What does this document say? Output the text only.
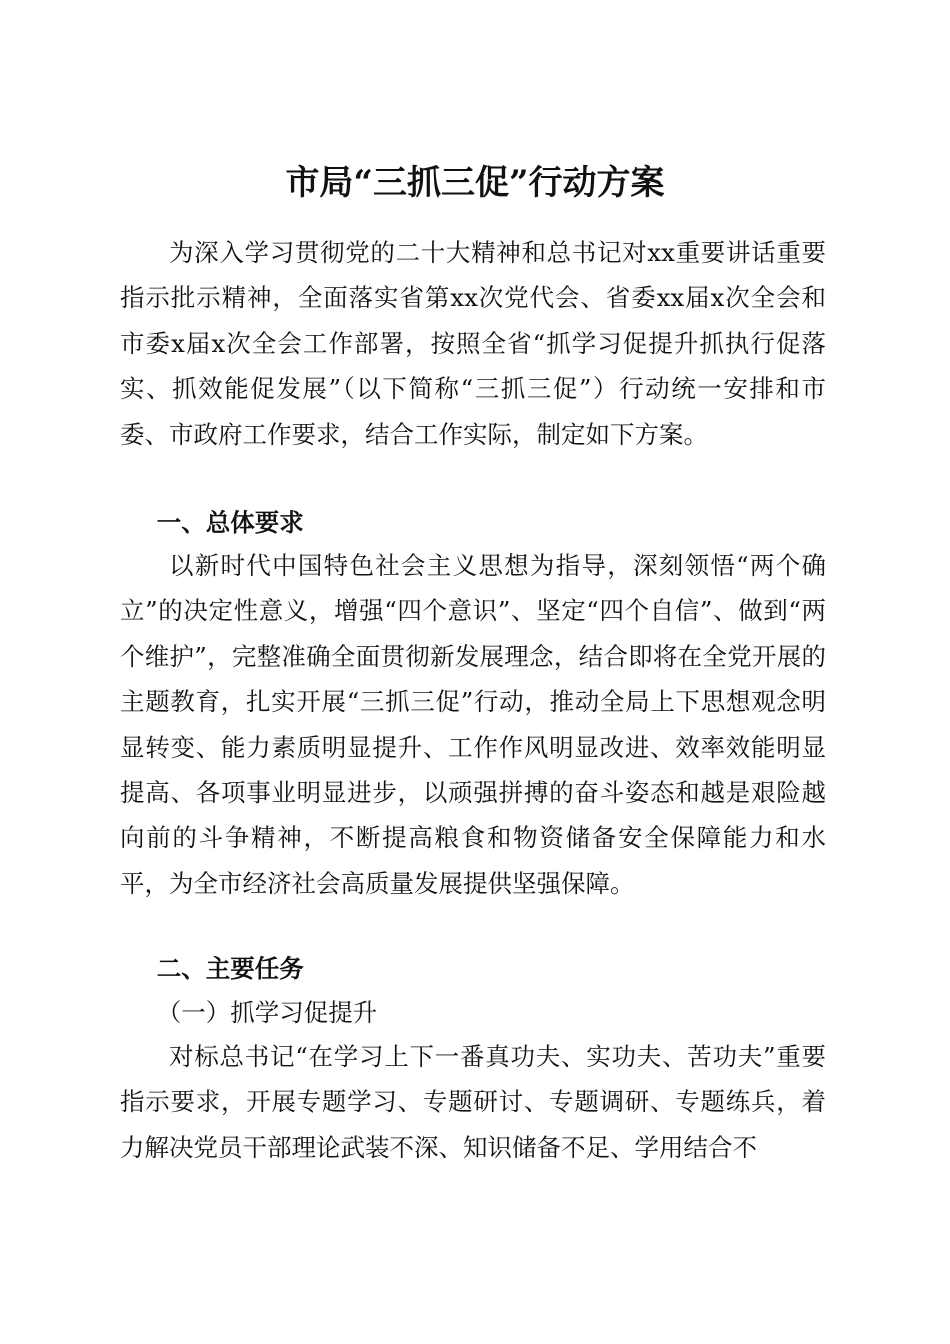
市局“三抓三促”行动方案

为深入学习贯彻党的二十大精神和总书记对xx重要讲话重要指示批示精神，全面落实省第xx次党代会、省委xx届x次全会和市委x届x次全会工作部署，按照全省“抓学习促提升抓执行促落实、抓效能促发展”（以下简称“三抓三促”）行动统一安排和市委、市政府工作要求，结合工作实际，制定如下方案。

一、总体要求

以新时代中国特色社会主义思想为指导，深刻领悟“两个确立”的决定性意义，增强“四个意识”、坚定“四个自信”、做到“两个维护”，完整准确全面贯彻新发展理念，结合即将在全党开展的主题教育，扎实开展“三抓三促”行动，推动全局上下思想观念明显转变、能力素质明显提升、工作作风明显改进、效率效能明显提高、各项事业明显进步，以顽强拼搏的奋斗姿态和越是艰险越向前的斗争精神，不断提高粮食和物资储备安全保障能力和水平，为全市经济社会高质量发展提供坚强保障。

二、主要任务

（一）抓学习促提升

对标总书记“在学习上下一番真功夫、实功夫、苦功夫”重要指示要求，开展专题学习、专题研讨、专题调研、专题练兵，着力解决党员干部理论武装不深、知识储备不足、学用结合不
